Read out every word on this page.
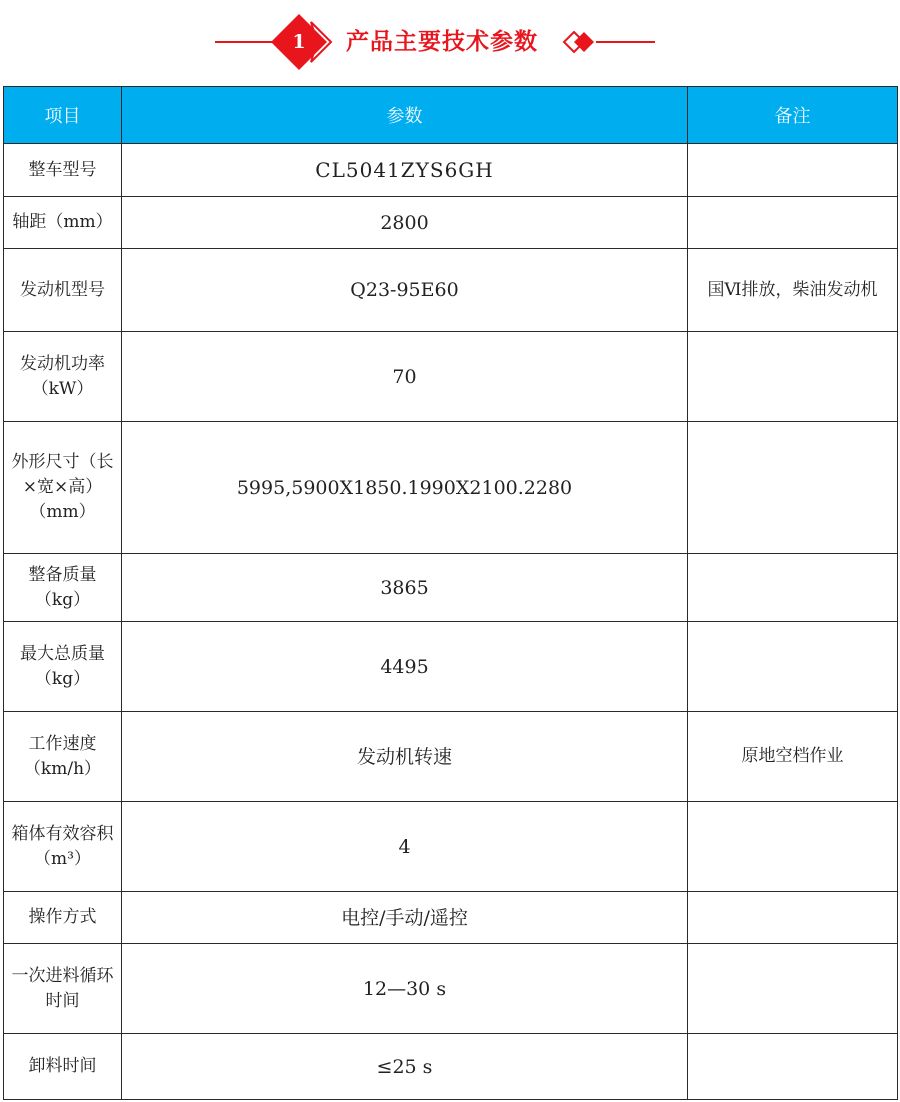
1 产品主要技术参数
项目	参数	备注
整车型号	CL5041ZYS6GH	
轴距（mm）	2800	
发动机型号	Q23-95E60	国Ⅵ排放，柴油发动机
发动机功率（kW）	70	
外形尺寸（长×宽×高）（mm）	5995,5900X1850.1990X2100.2280	
整备质量（kg）	3865	
最大总质量（kg）	4495	
工作速度（km/h）	发动机转速	原地空档作业
箱体有效容积（m³）	4	
操作方式	电控/手动/遥控	
一次进料循环时间	12—30 s	
卸料时间	≤25 s	
